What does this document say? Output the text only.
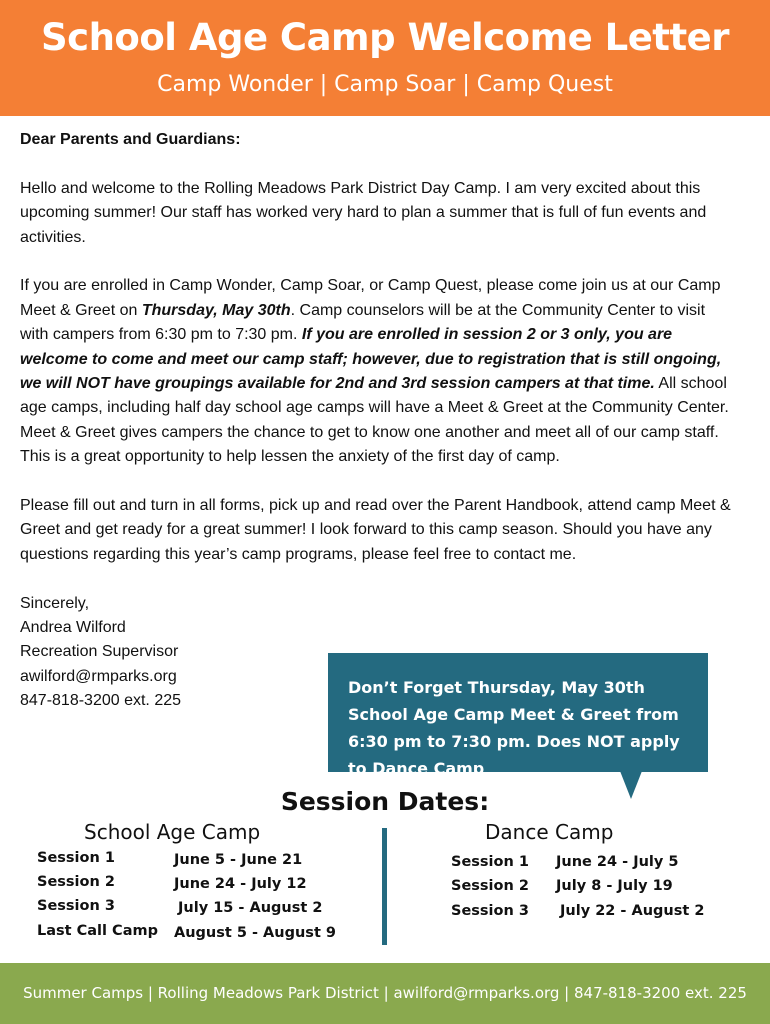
School Age Camp Welcome Letter
Camp Wonder | Camp Soar | Camp Quest

Dear Parents and Guardians:

Hello and welcome to the Rolling Meadows Park District Day Camp. I am very excited about this upcoming summer! Our staff has worked very hard to plan a summer that is full of fun events and activities.

If you are enrolled in Camp Wonder, Camp Soar, or Camp Quest, please come join us at our Camp Meet & Greet on Thursday, May 30th. Camp counselors will be at the Community Center to visit with campers from 6:30 pm to 7:30 pm. If you are enrolled in session 2 or 3 only, you are welcome to come and meet our camp staff; however, due to registration that is still ongoing, we will NOT have groupings available for 2nd and 3rd session campers at that time. All school age camps, including half day school age camps will have a Meet & Greet at the Community Center. Meet & Greet gives campers the chance to get to know one another and meet all of our camp staff. This is a great opportunity to help lessen the anxiety of the first day of camp.

Please fill out and turn in all forms, pick up and read over the Parent Handbook, attend camp Meet & Greet and get ready for a great summer! I look forward to this camp season. Should you have any questions regarding this year’s camp programs, please feel free to contact me.

Sincerely,
Andrea Wilford
Recreation Supervisor
awilford@rmparks.org
847-818-3200 ext. 225
Don’t Forget Thursday, May 30th School Age Camp Meet & Greet from 6:30 pm to 7:30 pm. Does NOT apply to Dance Camp
Session Dates:
School Age Camp	Dance Camp
Session 1	June 5 - June 21
Session 2	June 24 - July 12
Session 3	July 15 - August 2
Last Call Camp August 5 - August 9
Session 1 June 24 - July 5
Session 2 July 8 - July 19
Session 3 July 22 - August 2
Summer Camps | Rolling Meadows Park District | awilford@rmparks.org | 847-818-3200 ext. 225
